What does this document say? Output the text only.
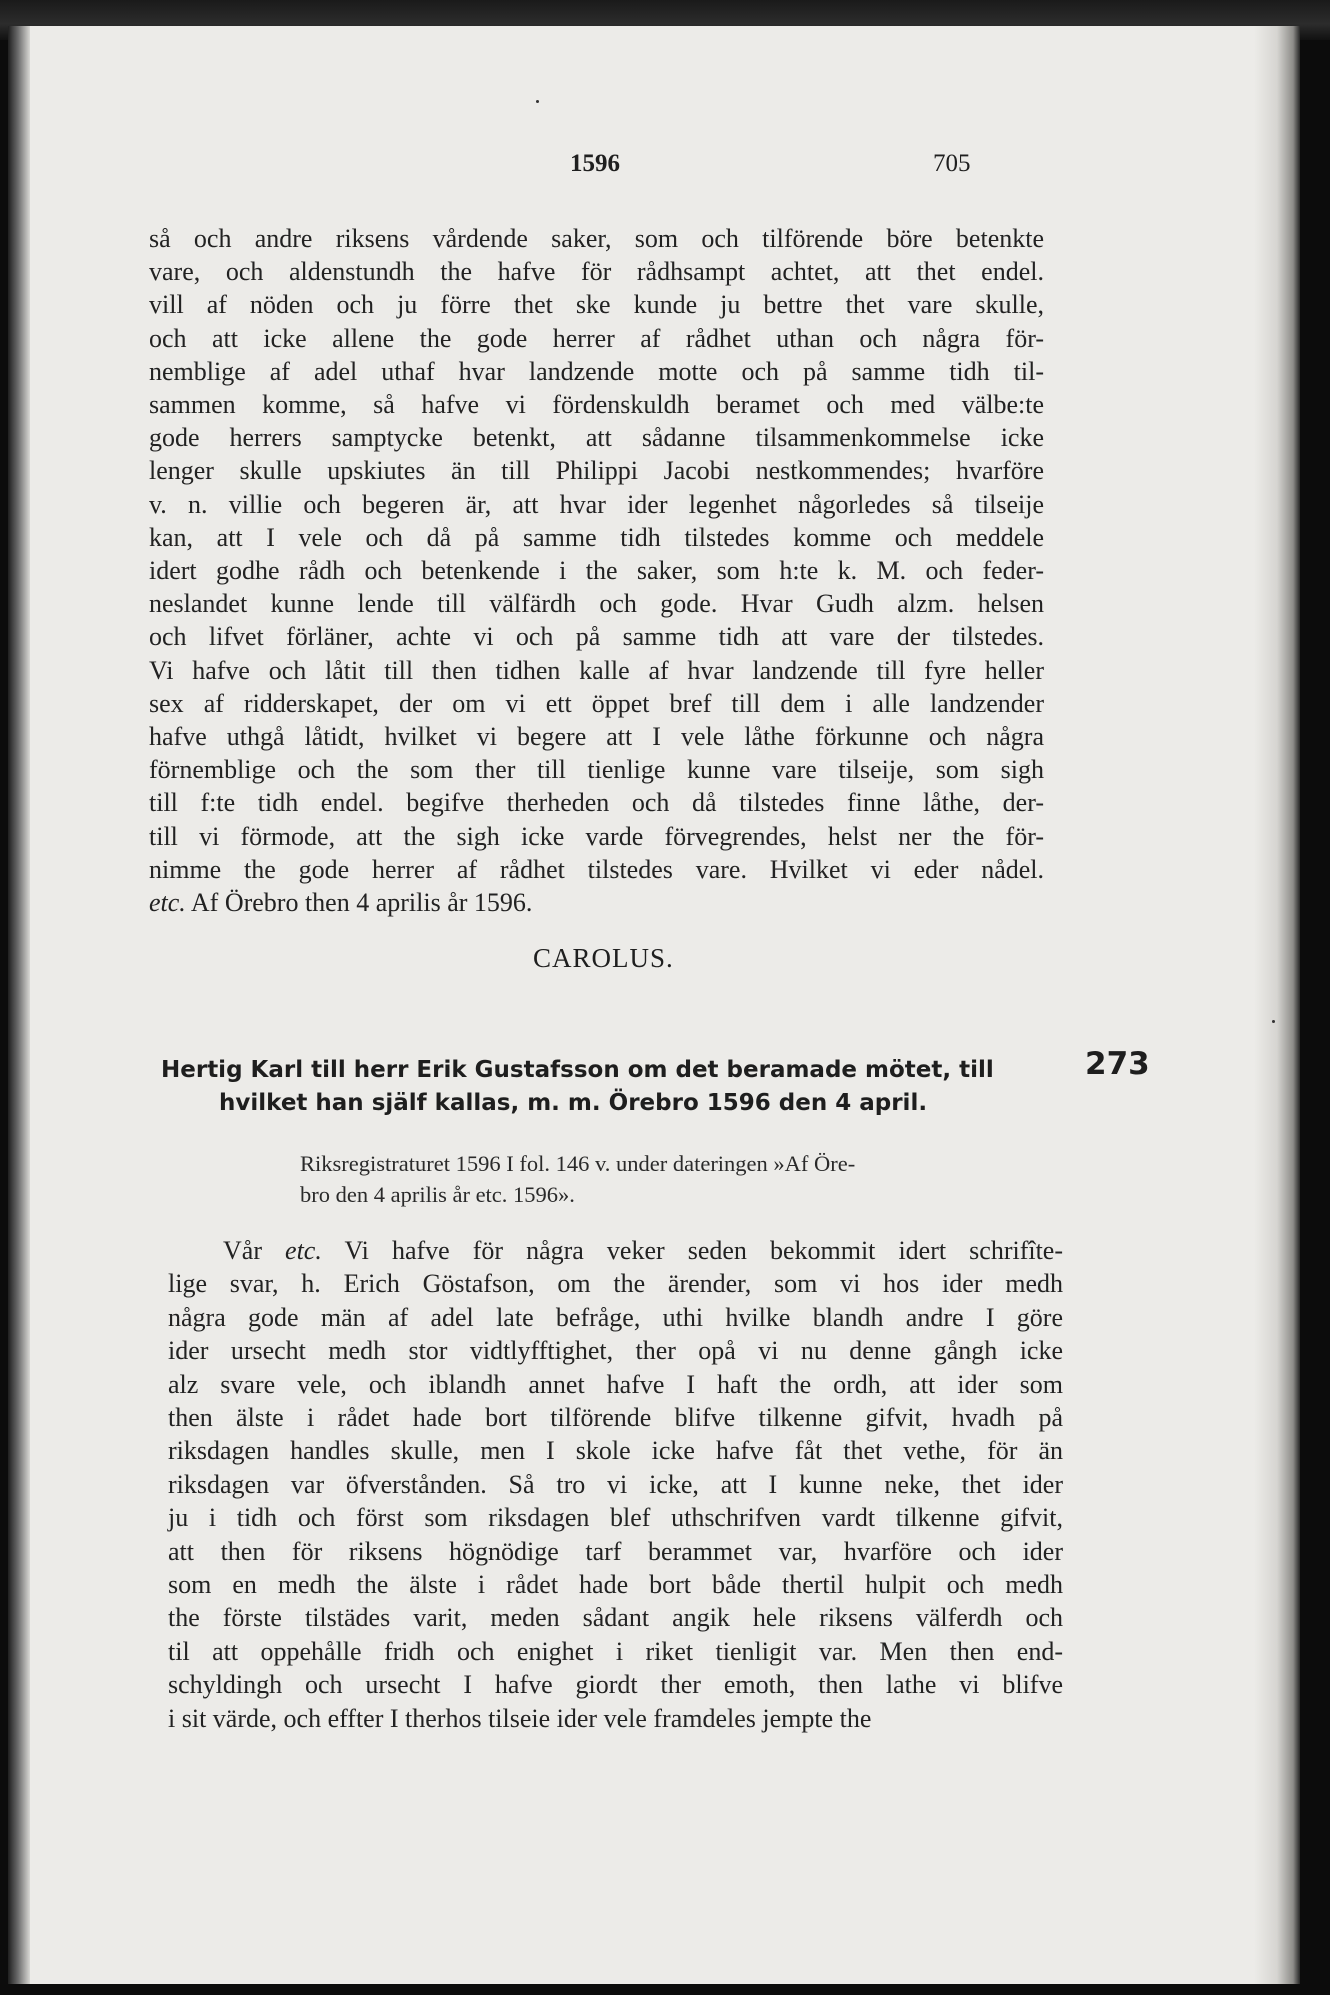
1596	705

så och andre riksens vårdende saker, som och tilförende böre betenkte

vare, och aldenstundh the hafve för rådhsampt achtet, att thet endel.

vill af nöden och ju förre thet ske kunde ju bettre thet vare skulle,

och att icke allene the gode herrer af rådhet uthan och några för-

nemblige af adel uthaf hvar landzende motte och på samme tidh til-

sammen komme, så hafve vi fördenskuldh beramet och med välbe:te

gode herrers samptycke betenkt, att sådanne tilsammenkommelse icke

lenger skulle upskiutes än till Philippi Jacobi nestkommendes; hvarföre

v. n. villie och begeren är, att hvar ider legenhet någorledes så tilseije

kan, att I vele och då på samme tidh tilstedes komme och meddele

idert godhe rådh och betenkende i the saker, som h:te k. M. och feder-

neslandet kunne lende till välfärdh och gode. Hvar Gudh alzm. helsen

och lifvet förläner, achte vi och på samme tidh att vare der tilstedes.

Vi hafve och låtit till then tidhen kalle af hvar landzende till fyre heller

sex af ridderskapet, der om vi ett öppet bref till dem i alle landzender

hafve uthgå låtidt, hvilket vi begere att I vele låthe förkunne och några

förnemblige och the som ther till tienlige kunne vare tilseije, som sigh

till f:te tidh endel. begifve therheden och då tilstedes finne låthe, der-

till vi förmode, att the sigh icke varde förvegrendes, helst ner the för-

nimme the gode herrer af rådhet tilstedes vare. Hvilket vi eder nådel.

etc. Af Örebro then 4 aprilis år 1596.

CAROLUS.
Hertig Karl till herr Erik Gustafsson om det beramade mötet, till
hvilket han själf kallas, m. m. Örebro 1596 den 4 april.
273
Riksregistraturet 1596 I fol. 146 v. under dateringen »Af Öre-
bro den 4 aprilis år etc. 1596».

Vår etc. Vi hafve för några veker seden bekommit idert schrifîte-

lige svar, h. Erich Göstafson, om the ärender, som vi hos ider medh

några gode män af adel late befråge, uthi hvilke blandh andre I göre

ider ursecht medh stor vidtlyfftighet, ther opå vi nu denne gångh icke

alz svare vele, och iblandh annet hafve I haft the ordh, att ider som

then älste i rådet hade bort tilförende blifve tilkenne gifvit, hvadh på

riksdagen handles skulle, men I skole icke hafve fåt thet vethe, för än

riksdagen var öfverstånden. Så tro vi icke, att I kunne neke, thet ider

ju i tidh och först som riksdagen blef uthschrifven vardt tilkenne gifvit,

att then för riksens högnödige tarf berammet var, hvarföre och ider

som en medh the älste i rådet hade bort både thertil hulpit och medh

the förste tilstädes varit, meden sådant angik hele riksens välferdh och

til att oppehålle fridh och enighet i riket tienligit var. Men then end-

schyldingh och ursecht I hafve giordt ther emoth, then lathe vi blifve

i sit värde, och effter I therhos tilseie ider vele framdeles jempte the
